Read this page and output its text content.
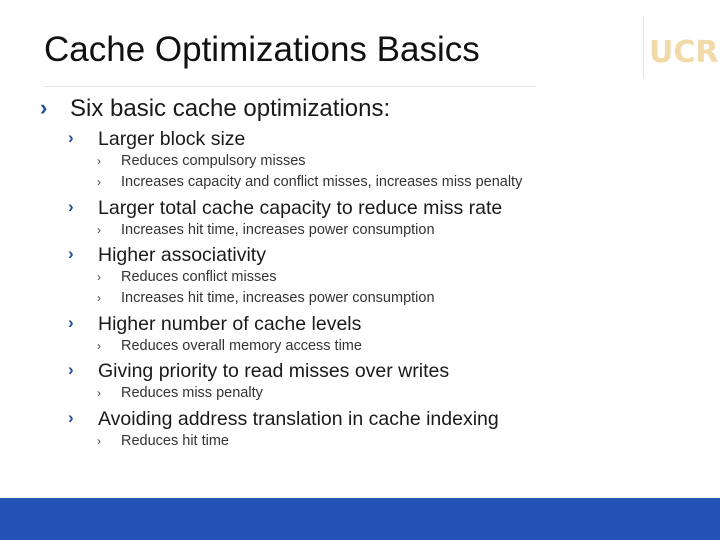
Cache Optimizations Basics	UCR
› Six basic cache optimizations:
› Larger block size
› Reduces compulsory misses
› Increases capacity and conflict misses, increases miss penalty
› Larger total cache capacity to reduce miss rate
› Increases hit time, increases power consumption
› Higher associativity
› Reduces conflict misses
› Increases hit time, increases power consumption
› Higher number of cache levels
› Reduces overall memory access time
› Giving priority to read misses over writes
› Reduces miss penalty
› Avoiding address translation in cache indexing
› Reduces hit time
